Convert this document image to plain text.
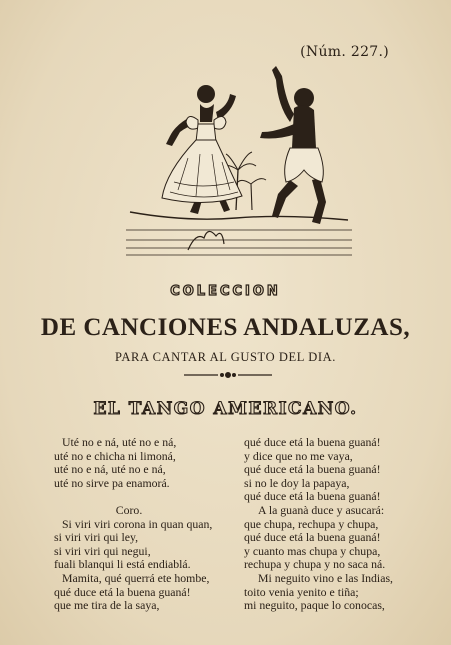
(Núm. 227.)
COLECCION
DE CANCIONES ANDALUZAS,
PARA CANTAR AL GUSTO DEL DIA.
EL TANGO AMERICANO.
Uté no e ná, uté no e ná,
uté no e chicha ni limoná,
uté no e ná, uté no e ná,
uté no sirve pa enamorá.

Coro.
Si viri viri corona in quan quan,
si viri viri qui ley,
si viri viri qui negui,
fuali blanqui li está endiablá.
Mamita, qué querrá ete hombe,
qué duce etá la buena guaná!
que me tira de la saya,
qué duce etá la buena guaná!
y dice que no me vaya,
qué duce etá la buena guaná!
si no le doy la papaya,
qué duce etá la buena guaná!
A la guanà duce y asucará:
que chupa, rechupa y chupa,
qué duce etá la buena guaná!
y cuanto mas chupa y chupa,
rechupa y chupa y no saca ná.
Mi neguito vino e las Indias,
toito venia yenito e tiña;
mi neguito, paque lo conocas,
